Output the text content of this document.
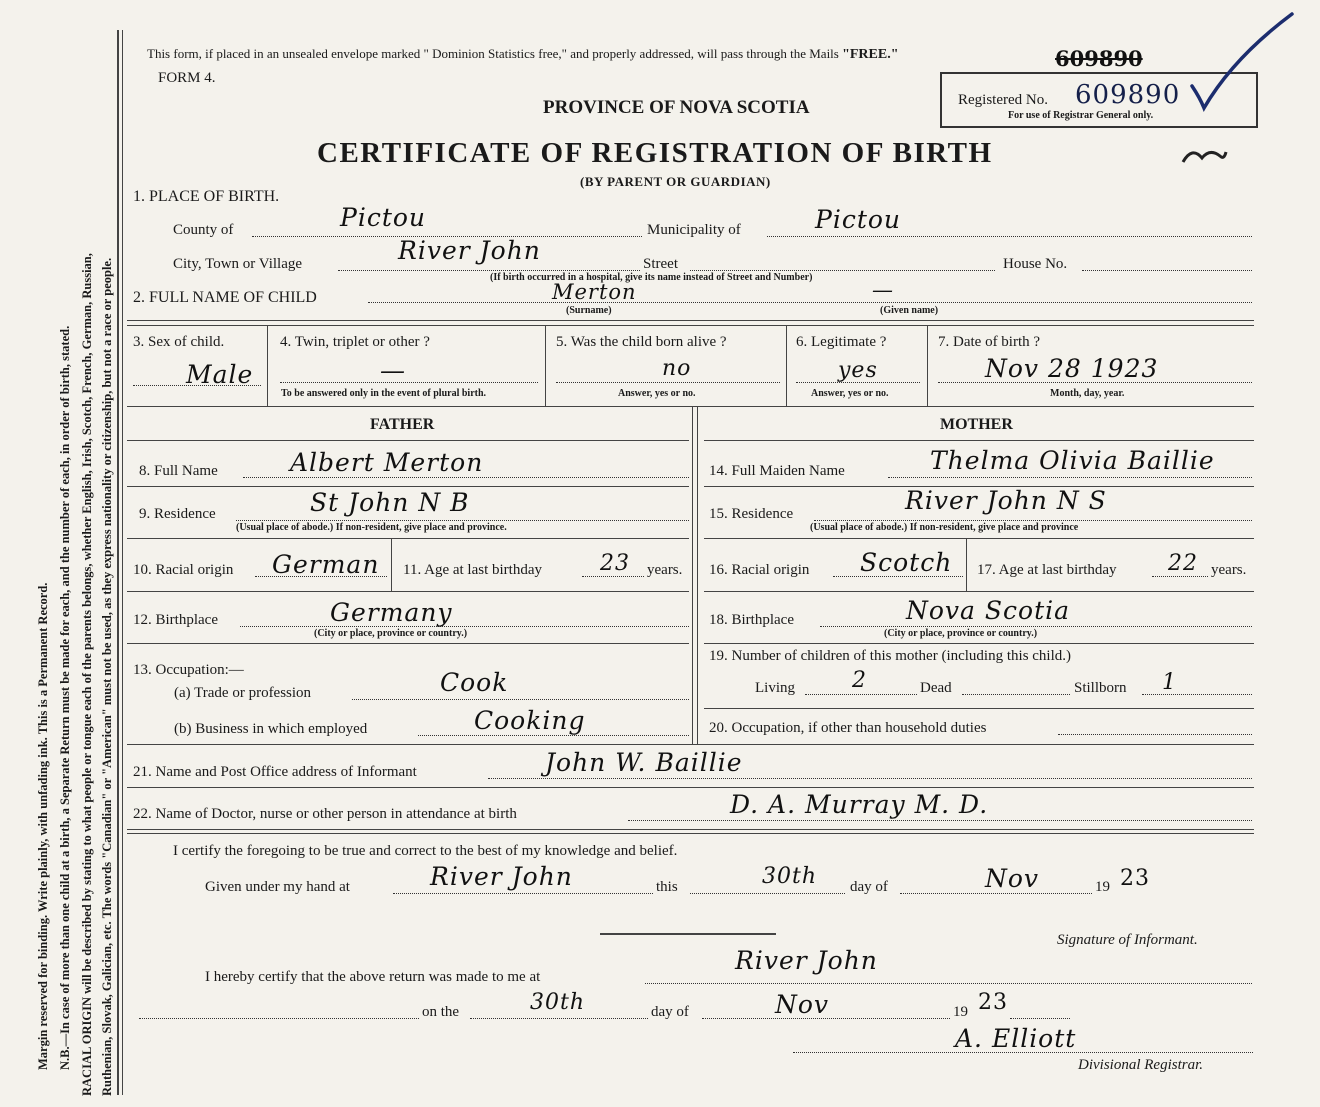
Margin reserved for binding. Write plainly, with unfading ink. This is a Permanent Record. N.B.—In case of more than one child at a birth, a Separate Return must be made for each, and the number of each, in order of birth, stated. RACIAL ORIGIN will be described by stating to what people or tongue each of the parents belongs, whether English, Irish, Scotch, French, German, Russian, Ruthenian, Slovak, Galician, etc. The words "Canadian" or "American" must not be used, as they express nationality or citizenship, but not a race or people.
This form, if placed in an unsealed envelope marked " Dominion Statistics free," and properly addressed, will pass through the Mails "FREE."
FORM 4.
PROVINCE OF NOVA SCOTIA
CERTIFICATE OF REGISTRATION OF BIRTH
(BY PARENT OR GUARDIAN)
609890
Registered No. 609890
For use of Registrar General only.
1. PLACE OF BIRTH.
County of	Pictou	Municipality of	Pictou
City, Town or Village	River John	Street	House No.
(If birth occurred in a hospital, give its name instead of Street and Number)
2. FULL NAME OF CHILD	Merton	—
(Surname)	(Given name)
3. Sex of child.
Male
4. Twin, triplet or other ?
—
To be answered only in the event of plural birth.
5. Was the child born alive ?
no
Answer, yes or no.
6. Legitimate ?
yes
Answer, yes or no.
7. Date of birth ?
Nov 28 1923
Month, day, year.
FATHER	MOTHER
8. Full Name	Albert Merton
9. Residence	St John N B
(Usual place of abode.) If non-resident, give place and province.
10. Racial origin German 11. Age at last birthday	23 years.
12. Birthplace	Germany
(City or place, province or country.)
13. Occupation:—
(a) Trade or profession	Cook
(b) Business in which employed	Cooking
14. Full Maiden Name	Thelma Olivia Baillie
15. Residence	River John N S
(Usual place of abode.) If non-resident, give place and province
16. Racial origin Scotch 17. Age at last birthday 22 years.
18. Birthplace	Nova Scotia
(City or place, province or country.)
19. Number of children of this mother (including this child.)
Living	2	Dead	Stillborn 1
20. Occupation, if other than household duties
21. Name and Post Office address of Informant	John W. Baillie
22. Name of Doctor, nurse or other person in attendance at birth	D. A. Murray M. D.
I certify the foregoing to be true and correct to the best of my knowledge and belief.
Given under my hand at	River John	this	30th day of	Nov	19 23
Signature of Informant.
I hereby certify that the above return was made to me at
River John
on the	30th	day of	Nov	19 23
A. Elliott
Divisional Registrar.
